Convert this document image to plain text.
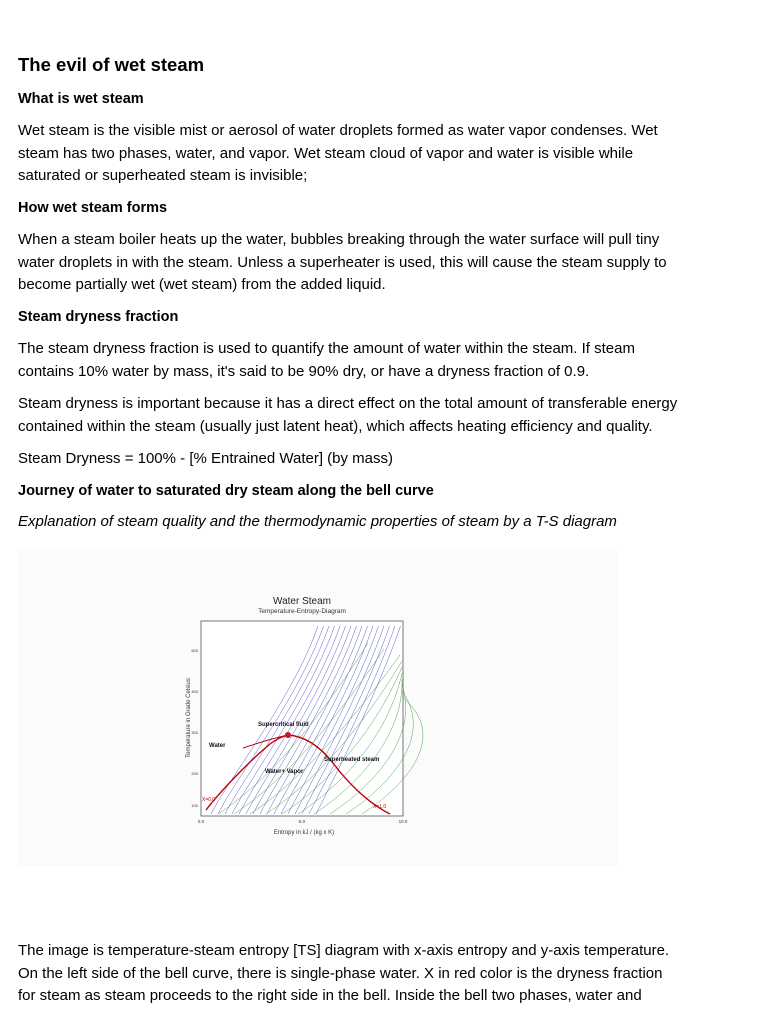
The evil of wet steam
What is wet steam
Wet steam is the visible mist or aerosol of water droplets formed as water vapor condenses. Wet
steam has two phases, water, and vapor. Wet steam cloud of vapor and water is visible while
saturated or superheated steam is invisible;
How wet steam forms
When a steam boiler heats up the water, bubbles breaking through the water surface will pull tiny
water droplets in with the steam. Unless a superheater is used, this will cause the steam supply to
become partially wet (wet steam) from the added liquid.
Steam dryness fraction
The steam dryness fraction is used to quantify the amount of water within the steam. If steam
contains 10% water by mass, it's said to be 90% dry, or have a dryness fraction of 0.9.
Steam dryness is important because it has a direct effect on the total amount of transferable energy
contained within the steam (usually just latent heat), which affects heating efficiency and quality.
Steam Dryness = 100% - [% Entrained Water] (by mass)
Journey of water to saturated dry steam along the bell curve
Explanation of steam quality and the thermodynamic properties of steam by a T-S diagram
Water Steam
Temperature-Entropy-Diagram
Temperature in Grade Celsius
500
400
300
200
100
0.0	5.0	10.0
Entropy in kJ / (kg x K)
Supercritical fluid
Water
Water+ Vapor
Superheated steam
X=0.0
X=1.0
The image is temperature-steam entropy [TS] diagram with x-axis entropy and y-axis temperature.
On the left side of the bell curve, there is single-phase water. X in red color is the dryness fraction
for steam as steam proceeds to the right side in the bell. Inside the bell two phases, water and
